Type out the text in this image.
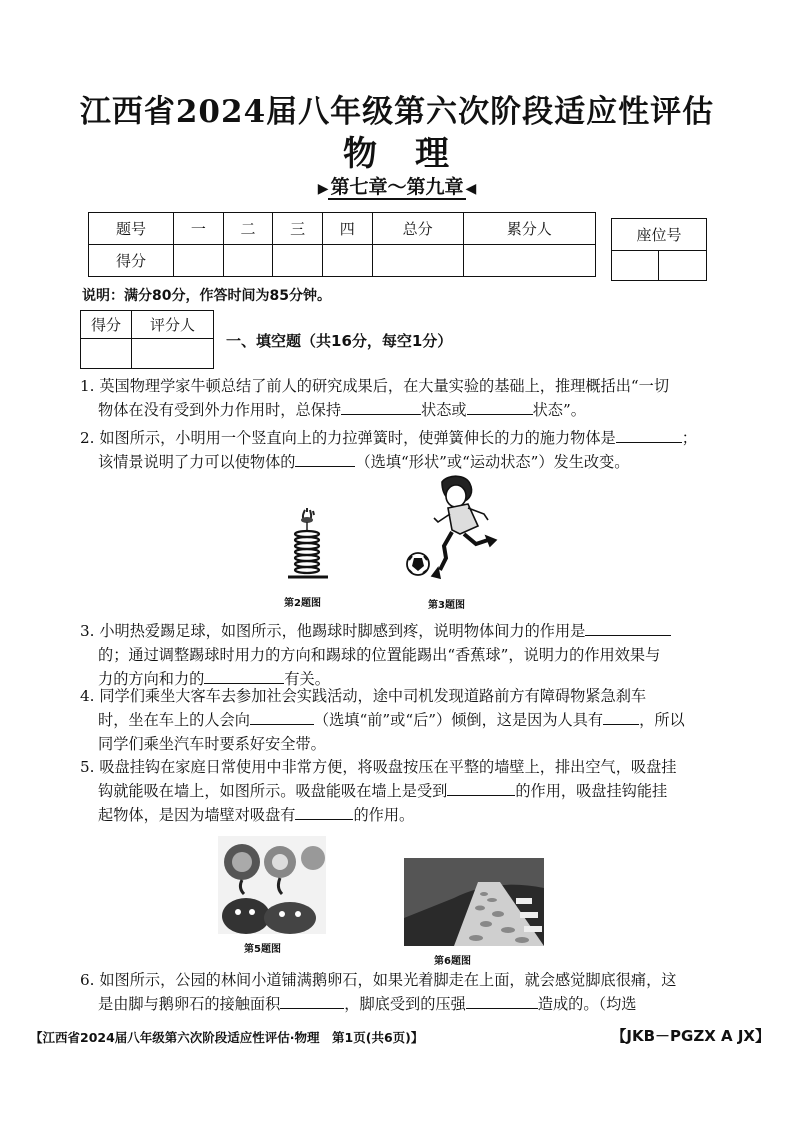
江西省2024届八年级第六次阶段适应性评估
物　理
▶ 第七章～第九章 ◀
题号	一	二	三	四	总分	累分人
得分						
座位号

说明：满分80分，作答时间为85分钟。
得分	评分人

一、填空题（共16分，每空1分）

1. 英国物理学家牛顿总结了前人的研究成果后，在大量实验的基础上，推理概括出“一切

物体在没有受到外力作用时，总保持	状态或	状态”。

2. 如图所示，小明用一个竖直向上的力拉弹簧时，使弹簧伸长的力的施力物体是	；

该情景说明了力可以使物体的	（选填“形状”或“运动状态”）发生改变。

第2题图	第3题图

3. 小明热爱踢足球，如图所示，他踢球时脚感到疼，说明物体间力的作用是

的；通过调整踢球时用力的方向和踢球的位置能踢出“香蕉球”，说明力的作用效果与

力的方向和力的	有关。

4. 同学们乘坐大客车去参加社会实践活动，途中司机发现道路前方有障碍物紧急刹车

时，坐在车上的人会向	（选填“前”或“后”）倾倒，这是因为人具有 ，所以

同学们乘坐汽车时要系好安全带。

5. 吸盘挂钩在家庭日常使用中非常方便，将吸盘按压在平整的墙壁上，排出空气，吸盘挂

钩就能吸在墙上，如图所示。吸盘能吸在墙上是受到	的作用，吸盘挂钩能挂

起物体，是因为墙壁对吸盘有	的作用。

第5题图
第6题图

6. 如图所示，公园的林间小道铺满鹅卵石，如果光着脚走在上面，就会感觉脚底很痛，这

是由脚与鹅卵石的接触面积	，脚底受到的压强	造成的。（均选

【江西省2024届八年级第六次阶段适应性评估·物理　第1页(共6页)】	【JKB－PGZX A JX】
